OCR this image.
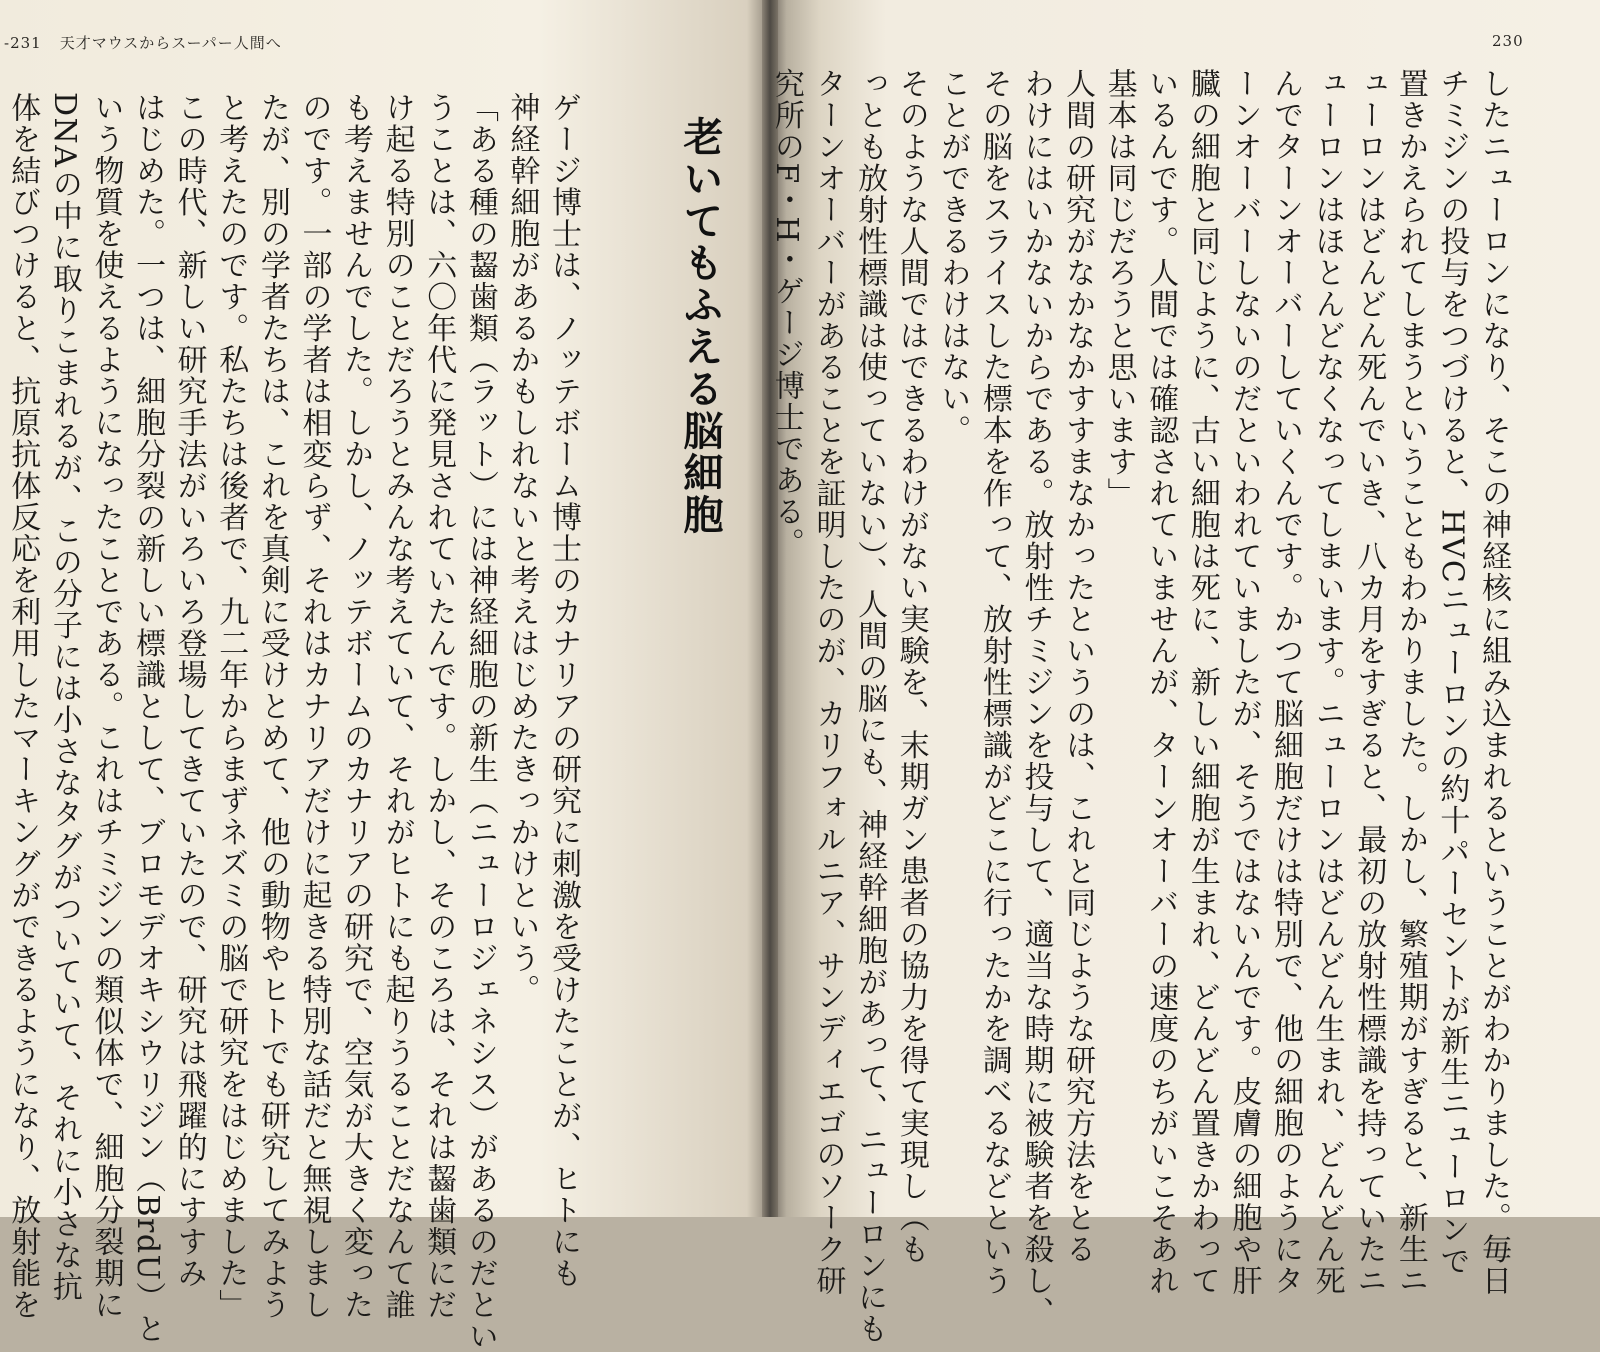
-231 天才マウスからスーパー人間へ	230

したニューロンになり、そこの神経核に組み込まれるということがわかりました。毎日

チミジンの投与をつづけると、HVCニューロンの約十パーセントが新生ニューロンで

置きかえられてしまうということもわかりました。しかし、繁殖期がすぎると、新生ニ

ューロンはどんどん死んでいき、八カ月をすぎると、最初の放射性標識を持っていたニ

ューロンはほとんどなくなってしまいます。ニューロンはどんどん生まれ、どんどん死

んでターンオーバーしていくんです。かつて脳細胞だけは特別で、他の細胞のようにタ

ーンオーバーしないのだといわれていましたが、そうではないんです。皮膚の細胞や肝

臓の細胞と同じように、古い細胞は死に、新しい細胞が生まれ、どんどん置きかわって

いるんです。人間では確認されていませんが、ターンオーバーの速度のちがいこそあれ

基本は同じだろうと思います」

人間の研究がなかなかすすまなかったというのは、これと同じような研究方法をとる

わけにはいかないからである。放射性チミジンを投与して、適当な時期に被験者を殺し、

その脳をスライスした標本を作って、放射性標識がどこに行ったかを調べるなどという

ことができるわけはない。

そのような人間ではできるわけがない実験を、末期ガン患者の協力を得て実現し（も

っとも放射性標識は使っていない）、人間の脳にも、神経幹細胞があって、ニューロンにも

ターンオーバーがあることを証明したのが、カリフォルニア、サンディエゴのソーク研

究所のF・H・ゲージ博士である。

老いてもふえる脳細胞

ゲージ博士は、ノッテボーム博士のカナリアの研究に刺激を受けたことが、ヒトにも

神経幹細胞があるかもしれないと考えはじめたきっかけという。

「ある種の齧歯類（ラット）には神経細胞の新生（ニューロジェネシス）があるのだとい

うことは、六〇年代に発見されていたんです。しかし、そのころは、それは齧歯類にだ

け起る特別のことだろうとみんな考えていて、それがヒトにも起りうることだなんて誰

も考えませんでした。しかし、ノッテボームのカナリアの研究で、空気が大きく変った

のです。一部の学者は相変らず、それはカナリアだけに起きる特別な話だと無視しまし

たが、別の学者たちは、これを真剣に受けとめて、他の動物やヒトでも研究してみよう

と考えたのです。私たちは後者で、九二年からまずネズミの脳で研究をはじめました」

この時代、新しい研究手法がいろいろ登場してきていたので、研究は飛躍的にすすみ

はじめた。一つは、細胞分裂の新しい標識として、ブロモデオキシウリジン（BrdU）と

いう物質を使えるようになったことである。これはチミジンの類似体で、細胞分裂期に

DNAの中に取りこまれるが、この分子には小さなタグがついていて、それに小さな抗

体を結びつけると、抗原抗体反応を利用したマーキングができるようになり、放射能を
